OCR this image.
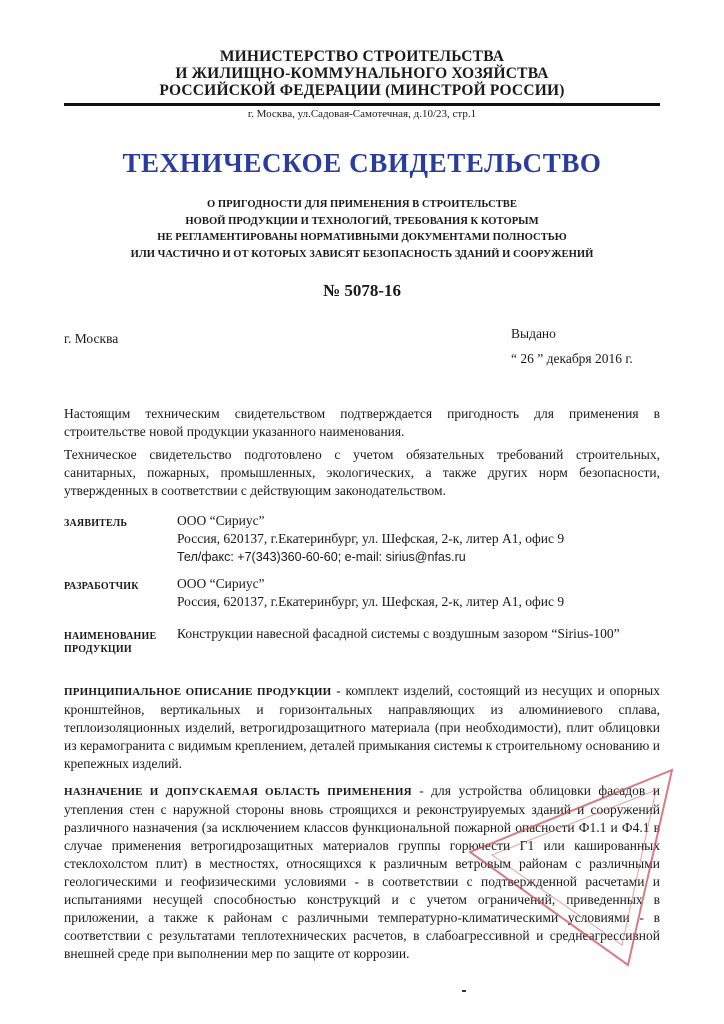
МИНИСТЕРСТВО СТРОИТЕЛЬСТВА
И ЖИЛИЩНО-КОММУНАЛЬНОГО ХОЗЯЙСТВА
РОССИЙСКОЙ ФЕДЕРАЦИИ (МИНСТРОЙ РОССИИ)
г. Москва, ул.Садовая-Самотечная, д.10/23, стр.1
ТЕХНИЧЕСКОЕ СВИДЕТЕЛЬСТВО
О ПРИГОДНОСТИ ДЛЯ ПРИМЕНЕНИЯ В СТРОИТЕЛЬСТВЕ
НОВОЙ ПРОДУКЦИИ И ТЕХНОЛОГИЙ, ТРЕБОВАНИЯ К КОТОРЫМ
НЕ РЕГЛАМЕНТИРОВАНЫ НОРМАТИВНЫМИ ДОКУМЕНТАМИ ПОЛНОСТЬЮ
ИЛИ ЧАСТИЧНО И ОТ КОТОРЫХ ЗАВИСЯТ БЕЗОПАСНОСТЬ ЗДАНИЙ И СООРУЖЕНИЙ
№ 5078-16
г. Москва	Выдано
“ 26 ” декабря 2016 г.
Настоящим техническим свидетельством подтверждается пригодность для применения в строительстве новой продукции указанного наименования.
Техническое свидетельство подготовлено с учетом обязательных требований строительных, санитарных, пожарных, промышленных, экологических, а также других норм безопасности, утвержденных в соответствии с действующим законодательством.
ЗАЯВИТЕЛЬ	ООО “Сириус”
Россия, 620137, г.Екатеринбург, ул. Шефская, 2-к, литер А1, офис 9
Тел/факс: +7(343)360-60-60; e-mail: sirius@nfas.ru
РАЗРАБОТЧИК	ООО “Сириус”
Россия, 620137, г.Екатеринбург, ул. Шефская, 2-к, литер А1, офис 9
НАИМЕНОВАНИЕ
ПРОДУКЦИИ
Конструкции навесной фасадной системы с воздушным зазором “Sirius-100”
ПРИНЦИПИАЛЬНОЕ ОПИСАНИЕ ПРОДУКЦИИ - комплект изделий, состоящий из несущих и опорных кронштейнов, вертикальных и горизонтальных направляющих из алюминиевого сплава, теплоизоляционных изделий, ветрогидрозащитного материала (при необходимости), плит облицовки из керамогранита с видимым креплением, деталей примыкания системы к строительному основанию и крепежных изделий.
НАЗНАЧЕНИЕ И ДОПУСКАЕМАЯ ОБЛАСТЬ ПРИМЕНЕНИЯ - для устройства облицовки фасадов и утепления стен с наружной стороны вновь строящихся и реконструируемых зданий и сооружений различного назначения (за исключением классов функциональной пожарной опасности Ф1.1 и Ф4.1 в случае применения ветрогидрозащитных материалов группы горючести Г1 или кашированных стеклохолстом плит) в местностях, относящихся к различным ветровым районам с различными геологическими и геофизическими условиями - в соответствии с подтвержденной расчетами и испытаниями несущей способностью конструкций и с учетом ограничений, приведенных в приложении, а также к районам с различными температурно-климатическими условиями - в соответствии с результатами теплотехнических расчетов, в слабоагрессивной и среднеагрессивной внешней среде при выполнении мер по защите от коррозии.
